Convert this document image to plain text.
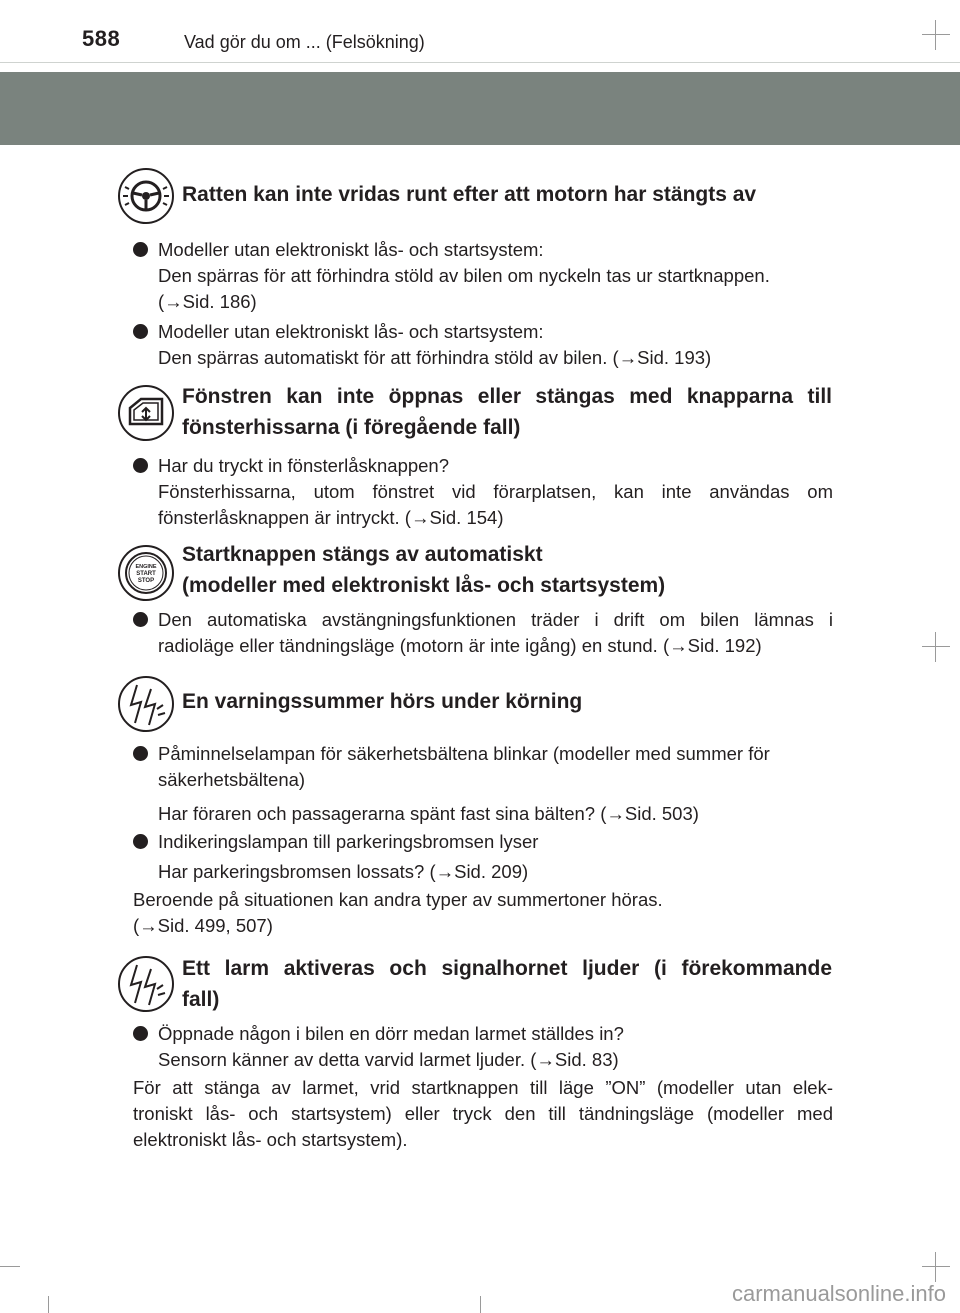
588	Vad gör du om ... (Felsökning)
Ratten kan inte vridas runt efter att motorn har stängts av
Modeller utan elektroniskt lås- och startsystem:
Den spärras för att förhindra stöld av bilen om nyckeln tas ur startknappen.
(→Sid. 186)
Modeller utan elektroniskt lås- och startsystem:
Den spärras automatiskt för att förhindra stöld av bilen. (→Sid. 193)
Fönstren kan inte öppnas eller stängas med knapparna till
fönsterhissarna (i föregående fall)
Har du tryckt in fönsterlåsknappen?
Fönsterhissarna, utom fönstret vid förarplatsen, kan inte användas om
fönsterlåsknappen är intryckt. (→Sid. 154)
ENGINE
START
STOP
Startknappen stängs av automatiskt
(modeller med elektroniskt lås- och startsystem)
Den automatiska avstängningsfunktionen träder i drift om bilen lämnas i
radioläge eller tändningsläge (motorn är inte igång) en stund. (→Sid. 192)
En varningssummer hörs under körning
Påminnelselampan för säkerhetsbältena blinkar (modeller med summer för
säkerhetsbältena)
Har föraren och passagerarna spänt fast sina bälten? (→Sid. 503)
Indikeringslampan till parkeringsbromsen lyser
Har parkeringsbromsen lossats? (→Sid. 209)
Beroende på situationen kan andra typer av summertoner höras.
(→Sid. 499, 507)
Ett larm aktiveras och signalhornet ljuder (i förekommande
fall)
Öppnade någon i bilen en dörr medan larmet ställdes in?
Sensorn känner av detta varvid larmet ljuder. (→Sid. 83)
För att stänga av larmet, vrid startknappen till läge ”ON” (modeller utan elek-
troniskt lås- och startsystem) eller tryck den till tändningsläge (modeller med
elektroniskt lås- och startsystem).
carmanualsonline.info
